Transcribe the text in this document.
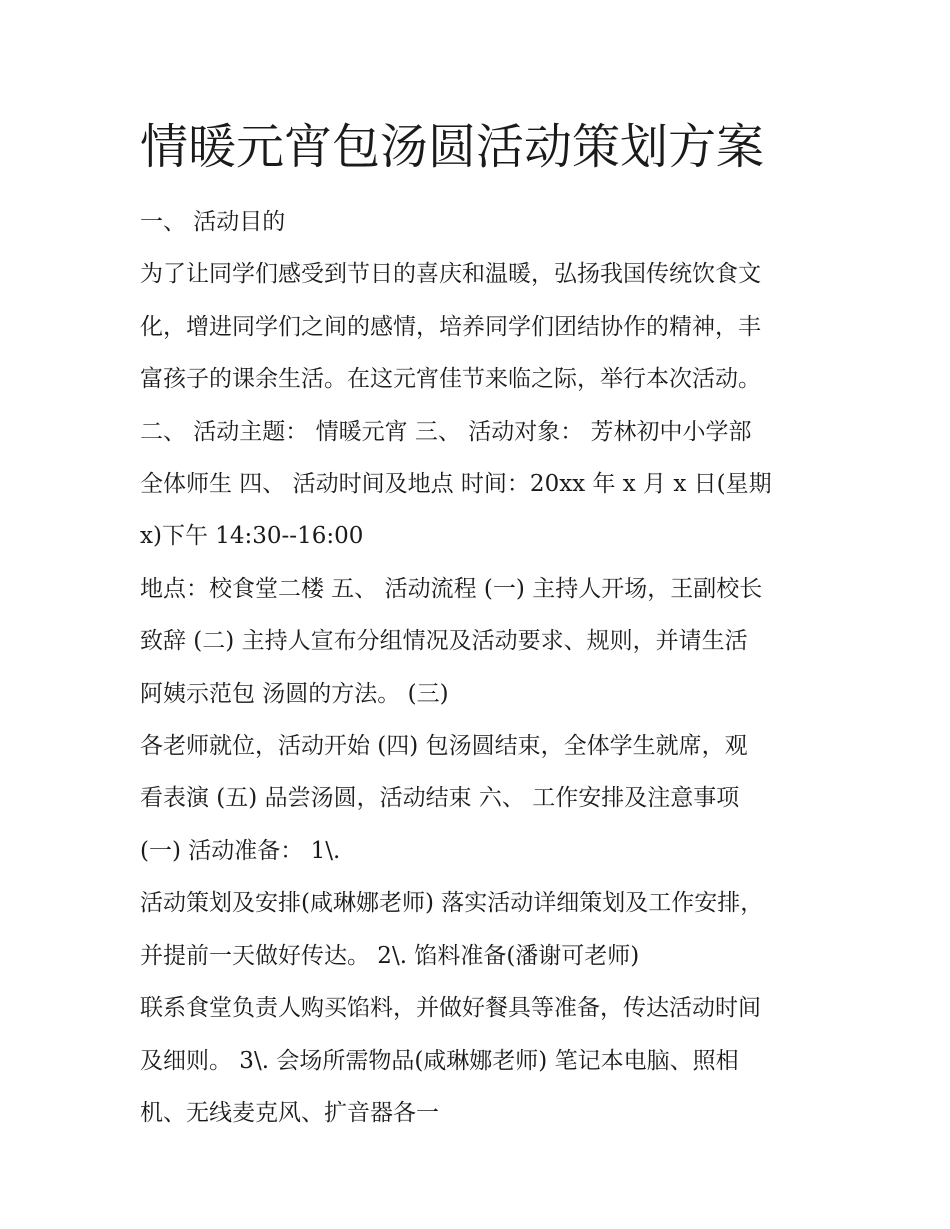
情暖元宵包汤圆活动策划方案

一、 活动目的

为了让同学们感受到节日的喜庆和温暖，弘扬我国传统饮食文

化，增进同学们之间的感情，培养同学们团结协作的精神，丰

富孩子的课余生活。在这元宵佳节来临之际，举行本次活动。

二、 活动主题： 情暖元宵 三、 活动对象： 芳林初中小学部

全体师生 四、 活动时间及地点 时间：20xx 年 x 月 x 日(星期

x)下午 14:30--16:00

地点：校食堂二楼 五、 活动流程 (一) 主持人开场，王副校长

致辞 (二) 主持人宣布分组情况及活动要求、规则，并请生活

阿姨示范包 汤圆的方法。 (三)

各老师就位，活动开始 (四) 包汤圆结束，全体学生就席，观

看表演 (五) 品尝汤圆，活动结束 六、 工作安排及注意事项

(一) 活动准备： 1\.

活动策划及安排(咸琳娜老师) 落实活动详细策划及工作安排，

并提前一天做好传达。 2\. 馅料准备(潘谢可老师)

联系食堂负责人购买馅料，并做好餐具等准备，传达活动时间

及细则。 3\. 会场所需物品(咸琳娜老师) 笔记本电脑、照相

机、无线麦克风、扩音器各一
